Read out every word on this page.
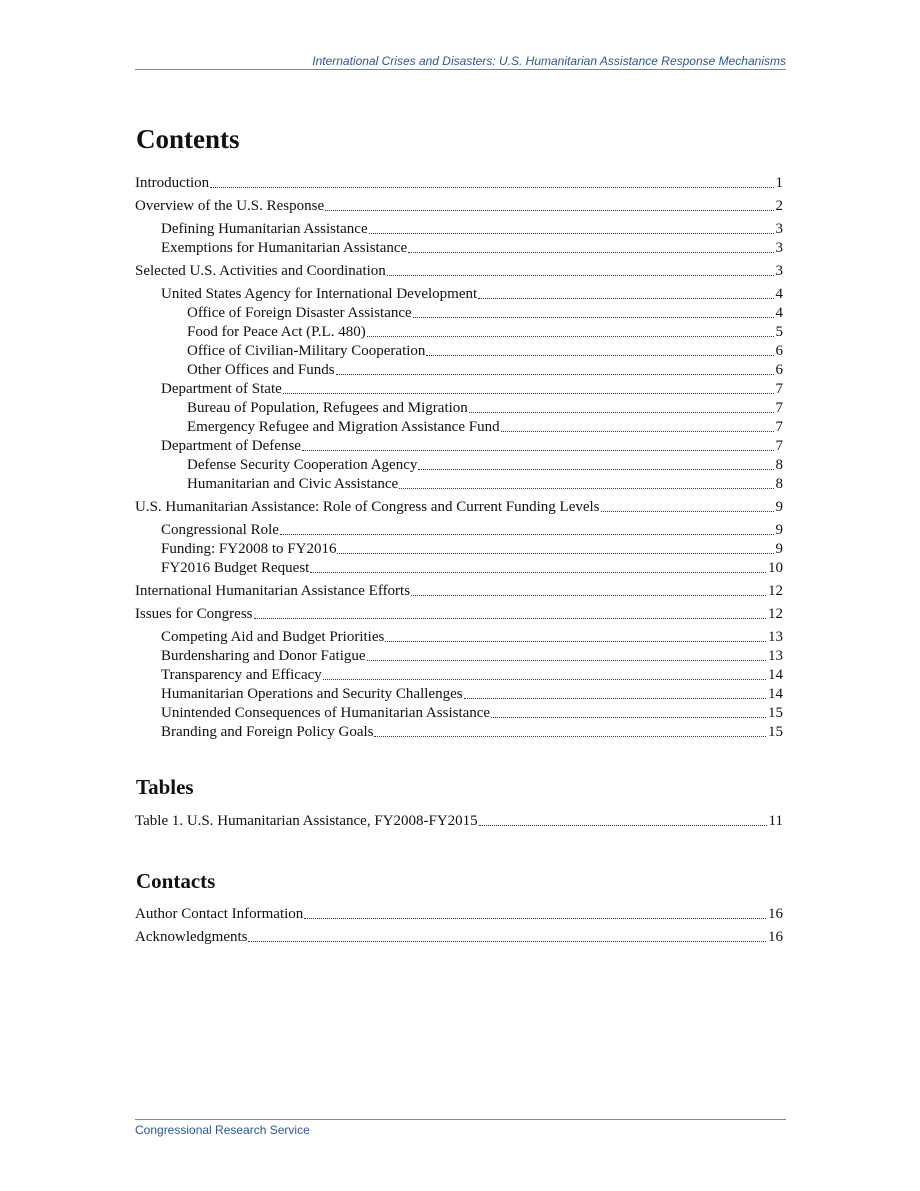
International Crises and Disasters: U.S. Humanitarian Assistance Response Mechanisms
Contents
Introduction	1
Overview of the U.S. Response	2
Defining Humanitarian Assistance	3
Exemptions for Humanitarian Assistance	3
Selected U.S. Activities and Coordination	3
United States Agency for International Development	4
Office of Foreign Disaster Assistance	4
Food for Peace Act (P.L. 480)	5
Office of Civilian-Military Cooperation	6
Other Offices and Funds	6
Department of State	7
Bureau of Population, Refugees and Migration	7
Emergency Refugee and Migration Assistance Fund	7
Department of Defense	7
Defense Security Cooperation Agency	8
Humanitarian and Civic Assistance	8
U.S. Humanitarian Assistance: Role of Congress and Current Funding Levels	9
Congressional Role	9
Funding: FY2008 to FY2016	9
FY2016 Budget Request	10
International Humanitarian Assistance Efforts	12
Issues for Congress	12
Competing Aid and Budget Priorities	13
Burdensharing and Donor Fatigue	13
Transparency and Efficacy	14
Humanitarian Operations and Security Challenges	14
Unintended Consequences of Humanitarian Assistance	15
Branding and Foreign Policy Goals	15
Tables
Table 1. U.S. Humanitarian Assistance, FY2008-FY2015	11
Contacts
Author Contact Information	16
Acknowledgments	16
Congressional Research Service
